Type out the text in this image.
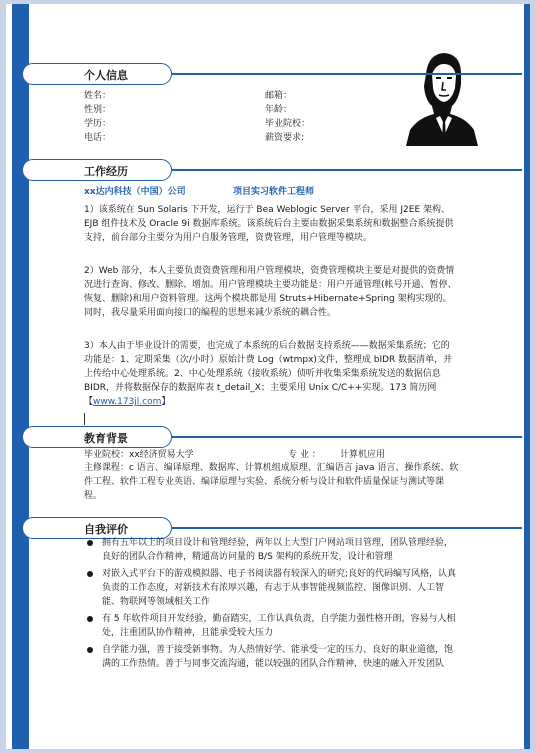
个人信息
姓名：
性别：
学历：
电话：
邮箱：
年龄：
毕业院校：
薪资要求:
工作经历
xx达内科技（中国）公司	项目实习软件工程师
1）该系统在 Sun Solaris 下开发，运行于 Bea Weblogic Server 平台，采用 J2EE 架构、EJB 组件技术及 Oracle 9i 数据库系统。该系统后台主要由数据采集系统和数据整合系统提供支持，前台部分主要分为用户自服务管理，资费管理，用户管理等模块。
2）Web 部分，本人主要负责资费管理和用户管理模块，资费管理模块主要是对提供的资费情况进行查询、修改、删除、增加。用户管理模块主要功能是：用户开通管理(帐号开通、暂停、恢复、删除)和用户资料管理。这两个模块都是用 Struts+Hibernate+Spring 架构实现的。同时，我尽量采用面向接口的编程的思想来减少系统的耦合性。
3）本人由于毕业设计的需要，也完成了本系统的后台数据支持系统——数据采集系统；它的功能是：1、定期采集（次/小时）原始计费 Log（wtmpx)文件，整理成 bIDR 数据清单，并上传给中心处理系统。2、中心处理系统（接收系统）侦听并收集采集系统发送的数据信息 BIDR，并将数据保存的数据库表 t_detail_X；主要采用 Unix C/C++实现。173 简历网【www.173jl.com】
教育背景
毕业院校：xx经济贸易大学	专 业 ： 计算机应用
主修课程：c 语言、编译原理、数据库、计算机组成原理、汇编语言 java 语言、操作系统、软件工程、软件工程专业英语、编译原理与实验、系统分析与设计和软件质量保证与测试等课程。
自我评价
拥有五年以上的项目设计和管理经验，两年以上大型门户网站项目管理，团队管理经验，良好的团队合作精神，精通高访问量的 B/S 架构的系统开发，设计和管理
对嵌入式平台下的游戏模拟器、电子书阅读器有较深入的研究;良好的代码编写风格，认真负责的工作态度，对新技术有浓厚兴趣，有志于从事智能视频监控、图像识别、人工智能、物联网等领域相关工作
有 5 年软件项目开发经验，勤奋踏实，工作认真负责，自学能力强性格开朗，容易与人相处，注重团队协作精神，且能承受较大压力
自学能力强，善于接受新事物。为人热情好学、能承受一定的压力、良好的职业道德，饱满的工作热情。善于与同事交流沟通，能以较强的团队合作精神，快速的融入开发团队
